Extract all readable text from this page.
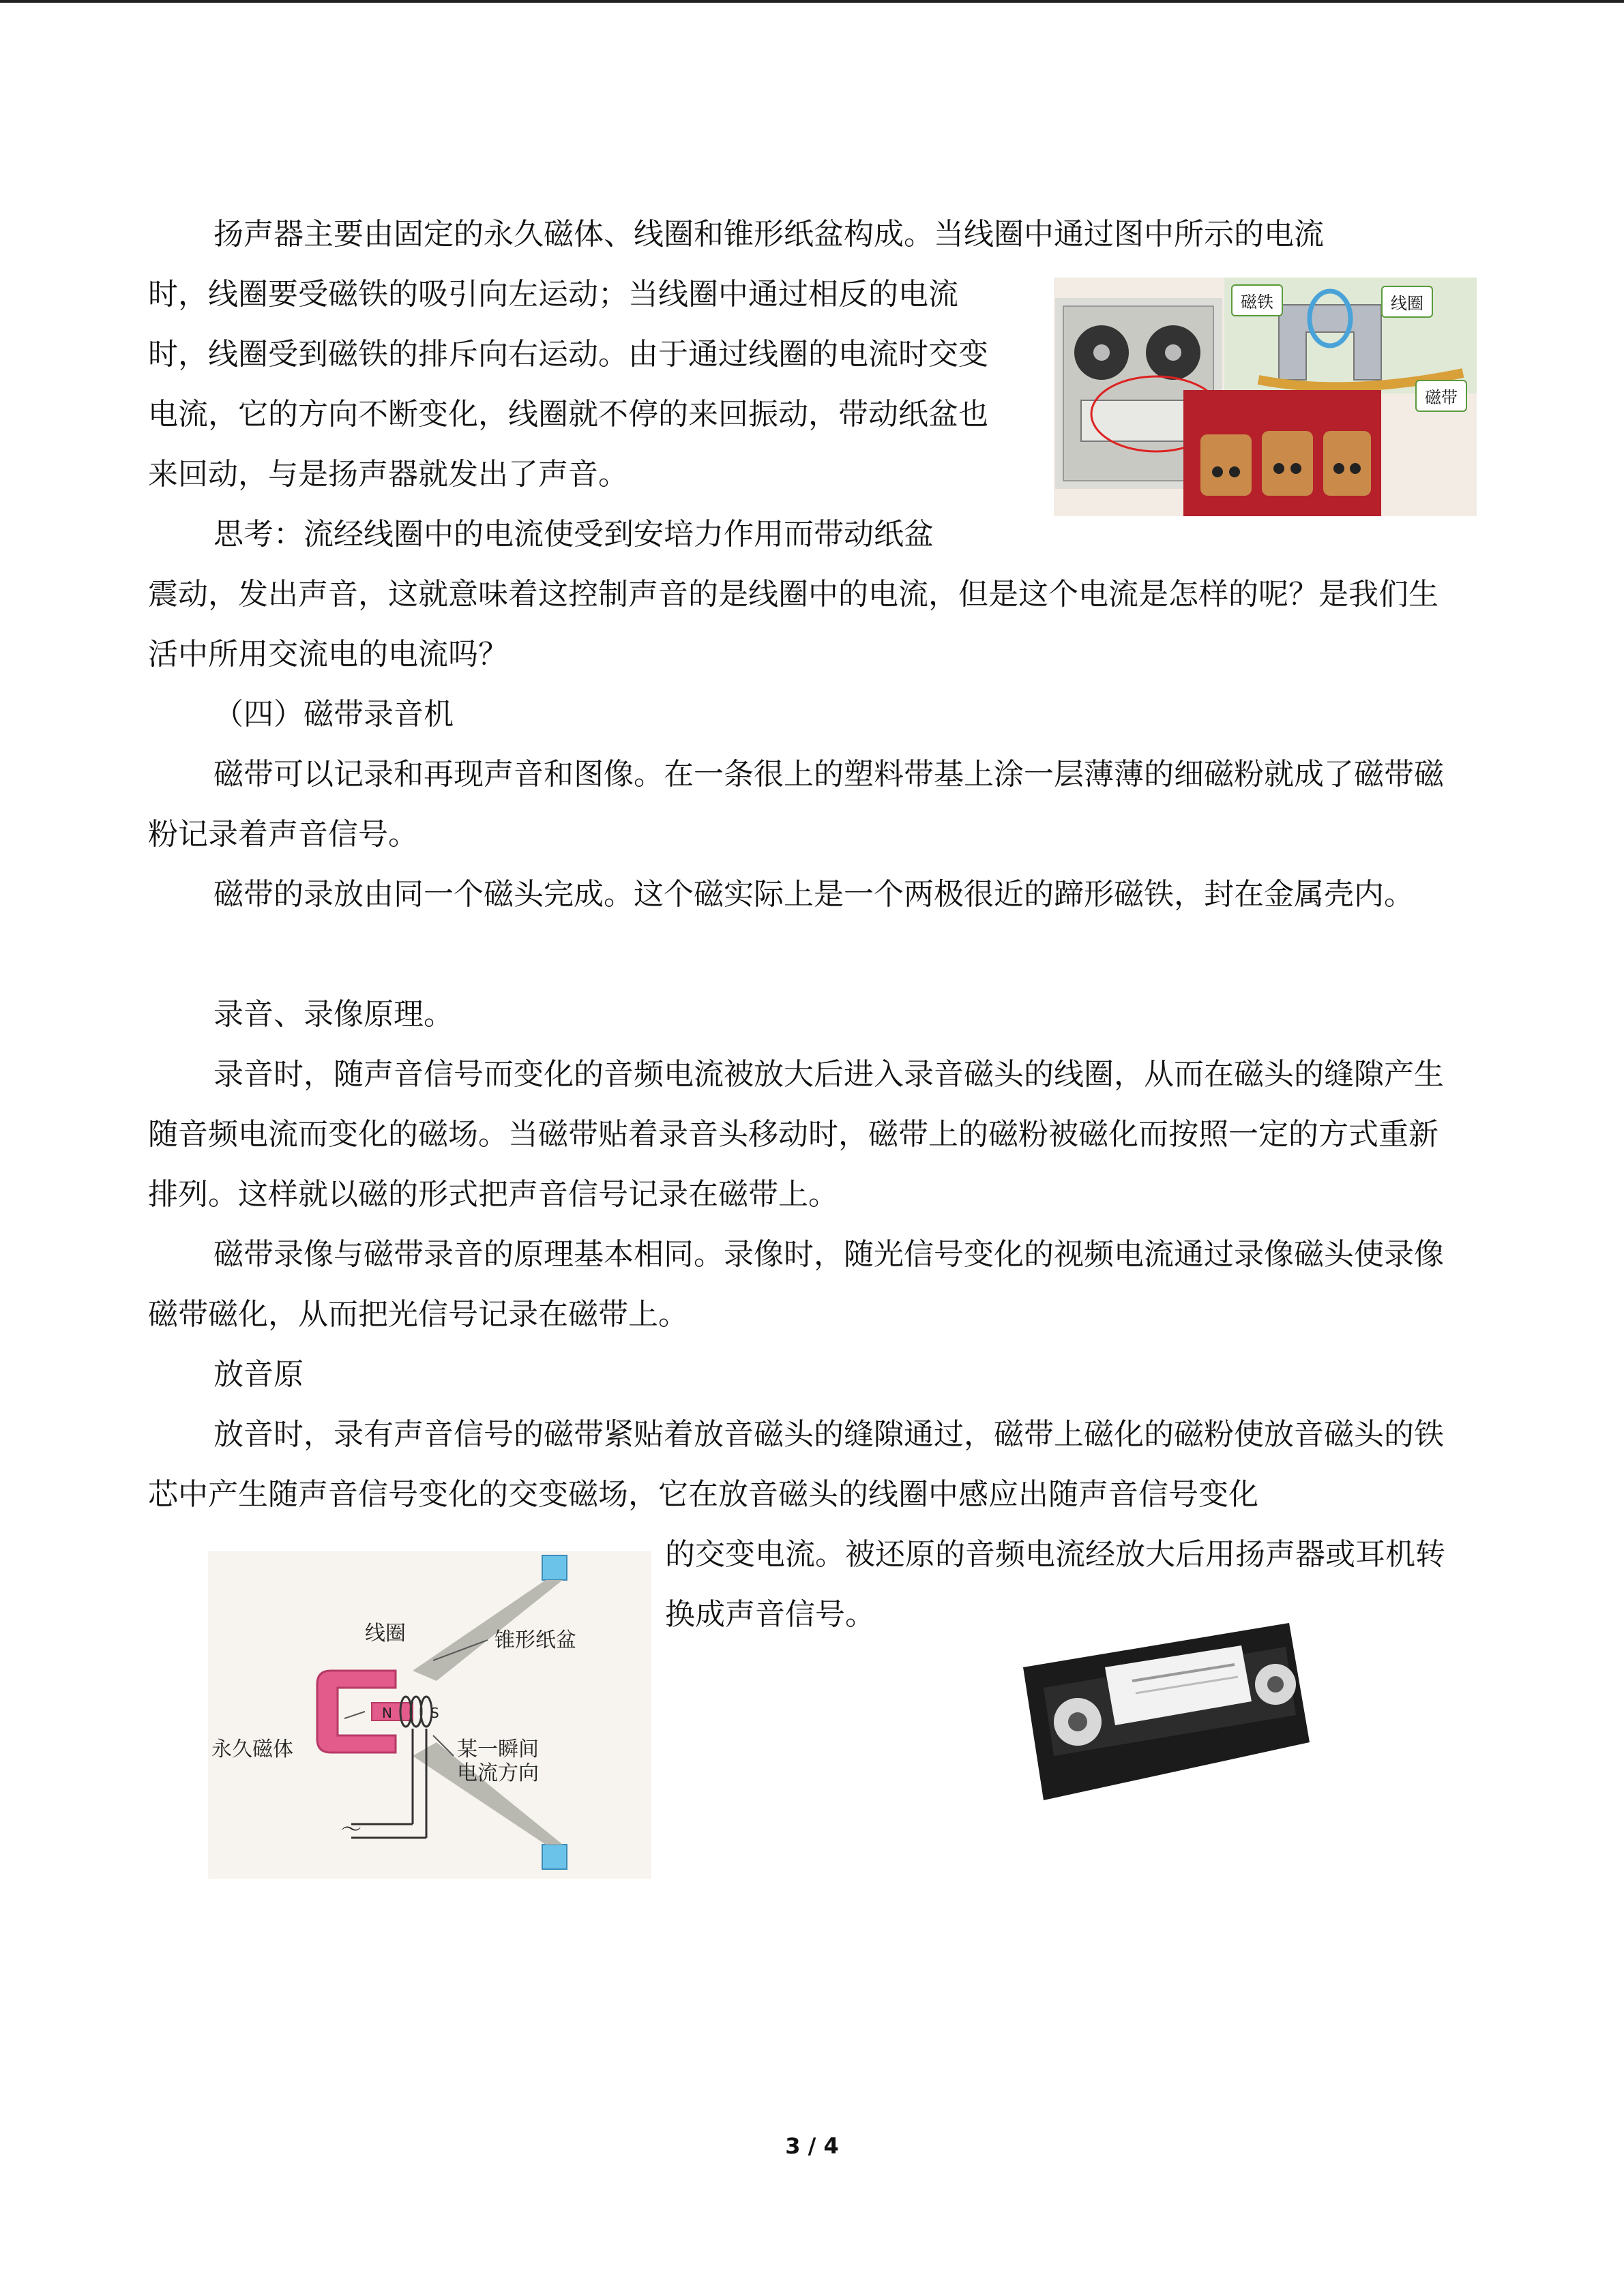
扬声器主要由固定的永久磁体、线圈和锥形纸盆构成。当线圈中通过图中所示的电流

时，线圈要受磁铁的吸引向左运动；当线圈中通过相反的电流时，线圈受到磁铁的排斥向右运动。由于通过线圈的电流时交变电流，它的方向不断变化，线圈就不停的来回振动，带动纸盆也来回动，与是扬声器就发出了声音。

思考：流经线圈中的电流使受到安培力作用而带动纸盆

震动，发出声音，这就意味着这控制声音的是线圈中的电流，但是这个电流是怎样的呢？是我们生活中所用交流电的电流吗？

（四）磁带录音机

磁带可以记录和再现声音和图像。在一条很上的塑料带基上涂一层薄薄的细磁粉就成了磁带磁粉记录着声音信号。

磁带的录放由同一个磁头完成。这个磁实际上是一个两极很近的蹄形磁铁，封在金属壳内。

录音、录像原理。

录音时，随声音信号而变化的音频电流被放大后进入录音磁头的线圈，从而在磁头的缝隙产生随音频电流而变化的磁场。当磁带贴着录音头移动时，磁带上的磁粉被磁化而按照一定的方式重新排列。这样就以磁的形式把声音信号记录在磁带上。

磁带录像与磁带录音的原理基本相同。录像时，随光信号变化的视频电流通过录像磁头使录像磁带磁化，从而把光信号记录在磁带上。

放音原

放音时，录有声音信号的磁带紧贴着放音磁头的缝隙通过，磁带上磁化的磁粉使放音磁头的铁芯中产生随声音信号变化的交变磁场，它在放音磁头的线圈中感应出随声音信号变化

的交变电流。被还原的音频电流经放大后用扬声器或耳机转换成声音信号。

磁铁	线圈
磁带
线圈	锥形纸盆
永久磁体	某一瞬间
电流方向
N	S
～
3 / 4
